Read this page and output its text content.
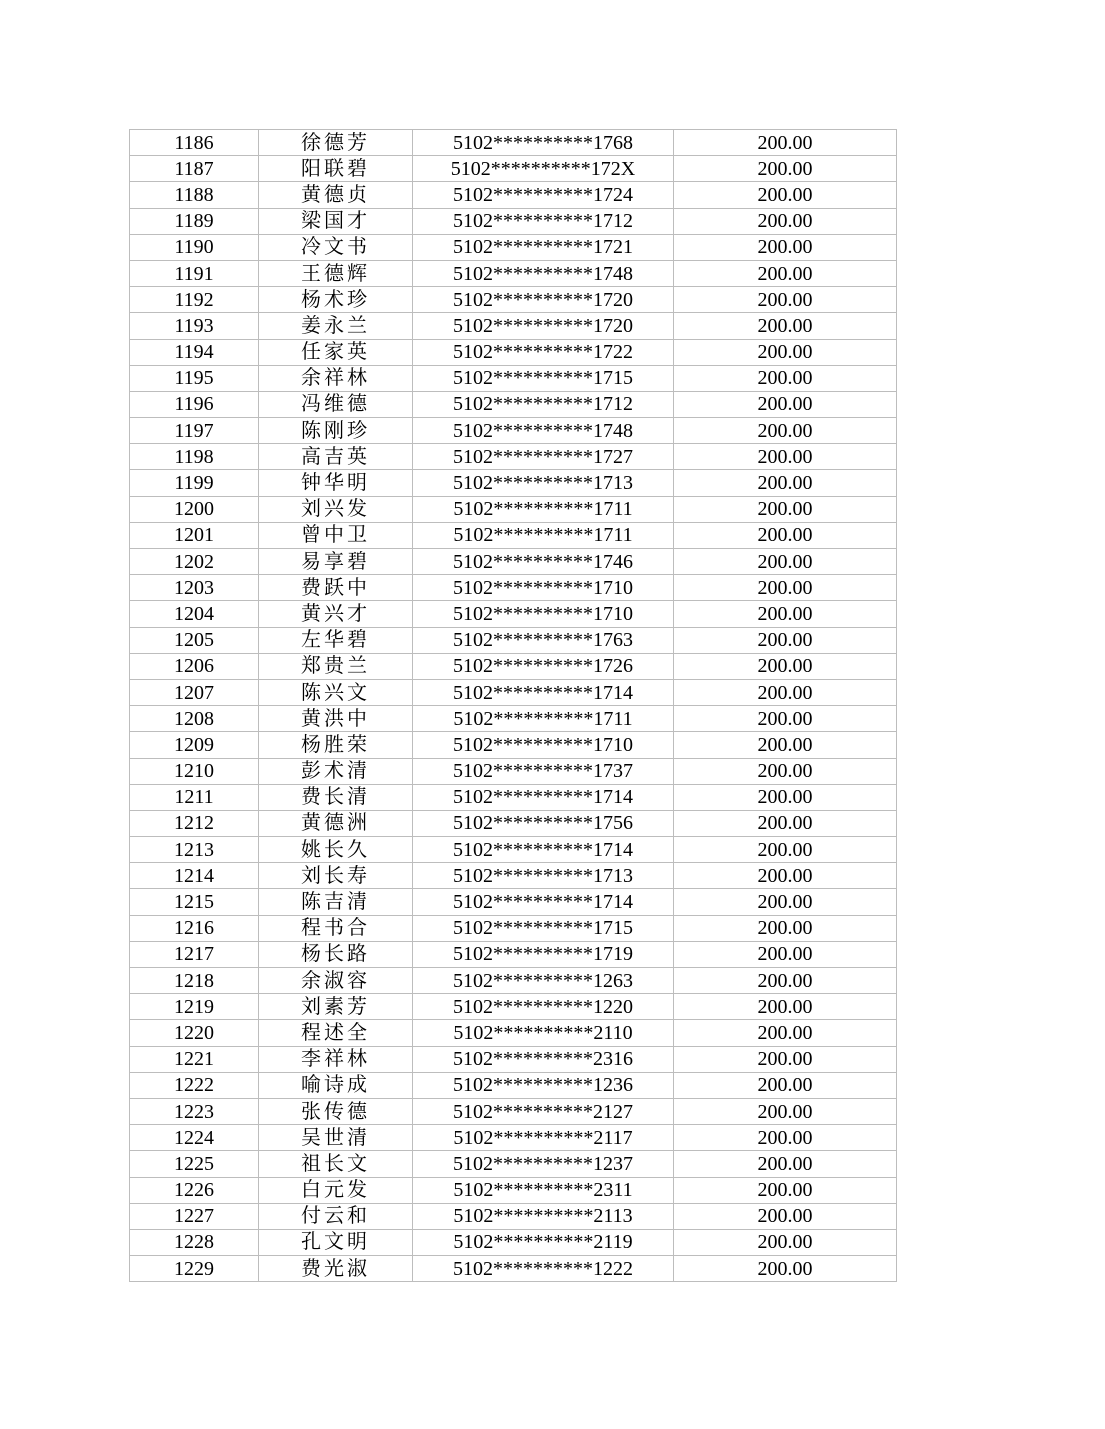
1186	徐德芳	5102**********1768	200.00
1187	阳联碧	5102**********172X	200.00
1188	黄德贞	5102**********1724	200.00
1189	梁国才	5102**********1712	200.00
1190	冷文书	5102**********1721	200.00
1191	王德辉	5102**********1748	200.00
1192	杨术珍	5102**********1720	200.00
1193	姜永兰	5102**********1720	200.00
1194	任家英	5102**********1722	200.00
1195	余祥林	5102**********1715	200.00
1196	冯维德	5102**********1712	200.00
1197	陈刚珍	5102**********1748	200.00
1198	高吉英	5102**********1727	200.00
1199	钟华明	5102**********1713	200.00
1200	刘兴发	5102**********1711	200.00
1201	曾中卫	5102**********1711	200.00
1202	易享碧	5102**********1746	200.00
1203	费跃中	5102**********1710	200.00
1204	黄兴才	5102**********1710	200.00
1205	左华碧	5102**********1763	200.00
1206	郑贵兰	5102**********1726	200.00
1207	陈兴文	5102**********1714	200.00
1208	黄洪中	5102**********1711	200.00
1209	杨胜荣	5102**********1710	200.00
1210	彭术清	5102**********1737	200.00
1211	费长清	5102**********1714	200.00
1212	黄德洲	5102**********1756	200.00
1213	姚长久	5102**********1714	200.00
1214	刘长寿	5102**********1713	200.00
1215	陈吉清	5102**********1714	200.00
1216	程书合	5102**********1715	200.00
1217	杨长路	5102**********1719	200.00
1218	余淑容	5102**********1263	200.00
1219	刘素芳	5102**********1220	200.00
1220	程述全	5102**********2110	200.00
1221	李祥林	5102**********2316	200.00
1222	喻诗成	5102**********1236	200.00
1223	张传德	5102**********2127	200.00
1224	吴世清	5102**********2117	200.00
1225	祖长文	5102**********1237	200.00
1226	白元发	5102**********2311	200.00
1227	付云和	5102**********2113	200.00
1228	孔文明	5102**********2119	200.00
1229	费光淑	5102**********1222	200.00
